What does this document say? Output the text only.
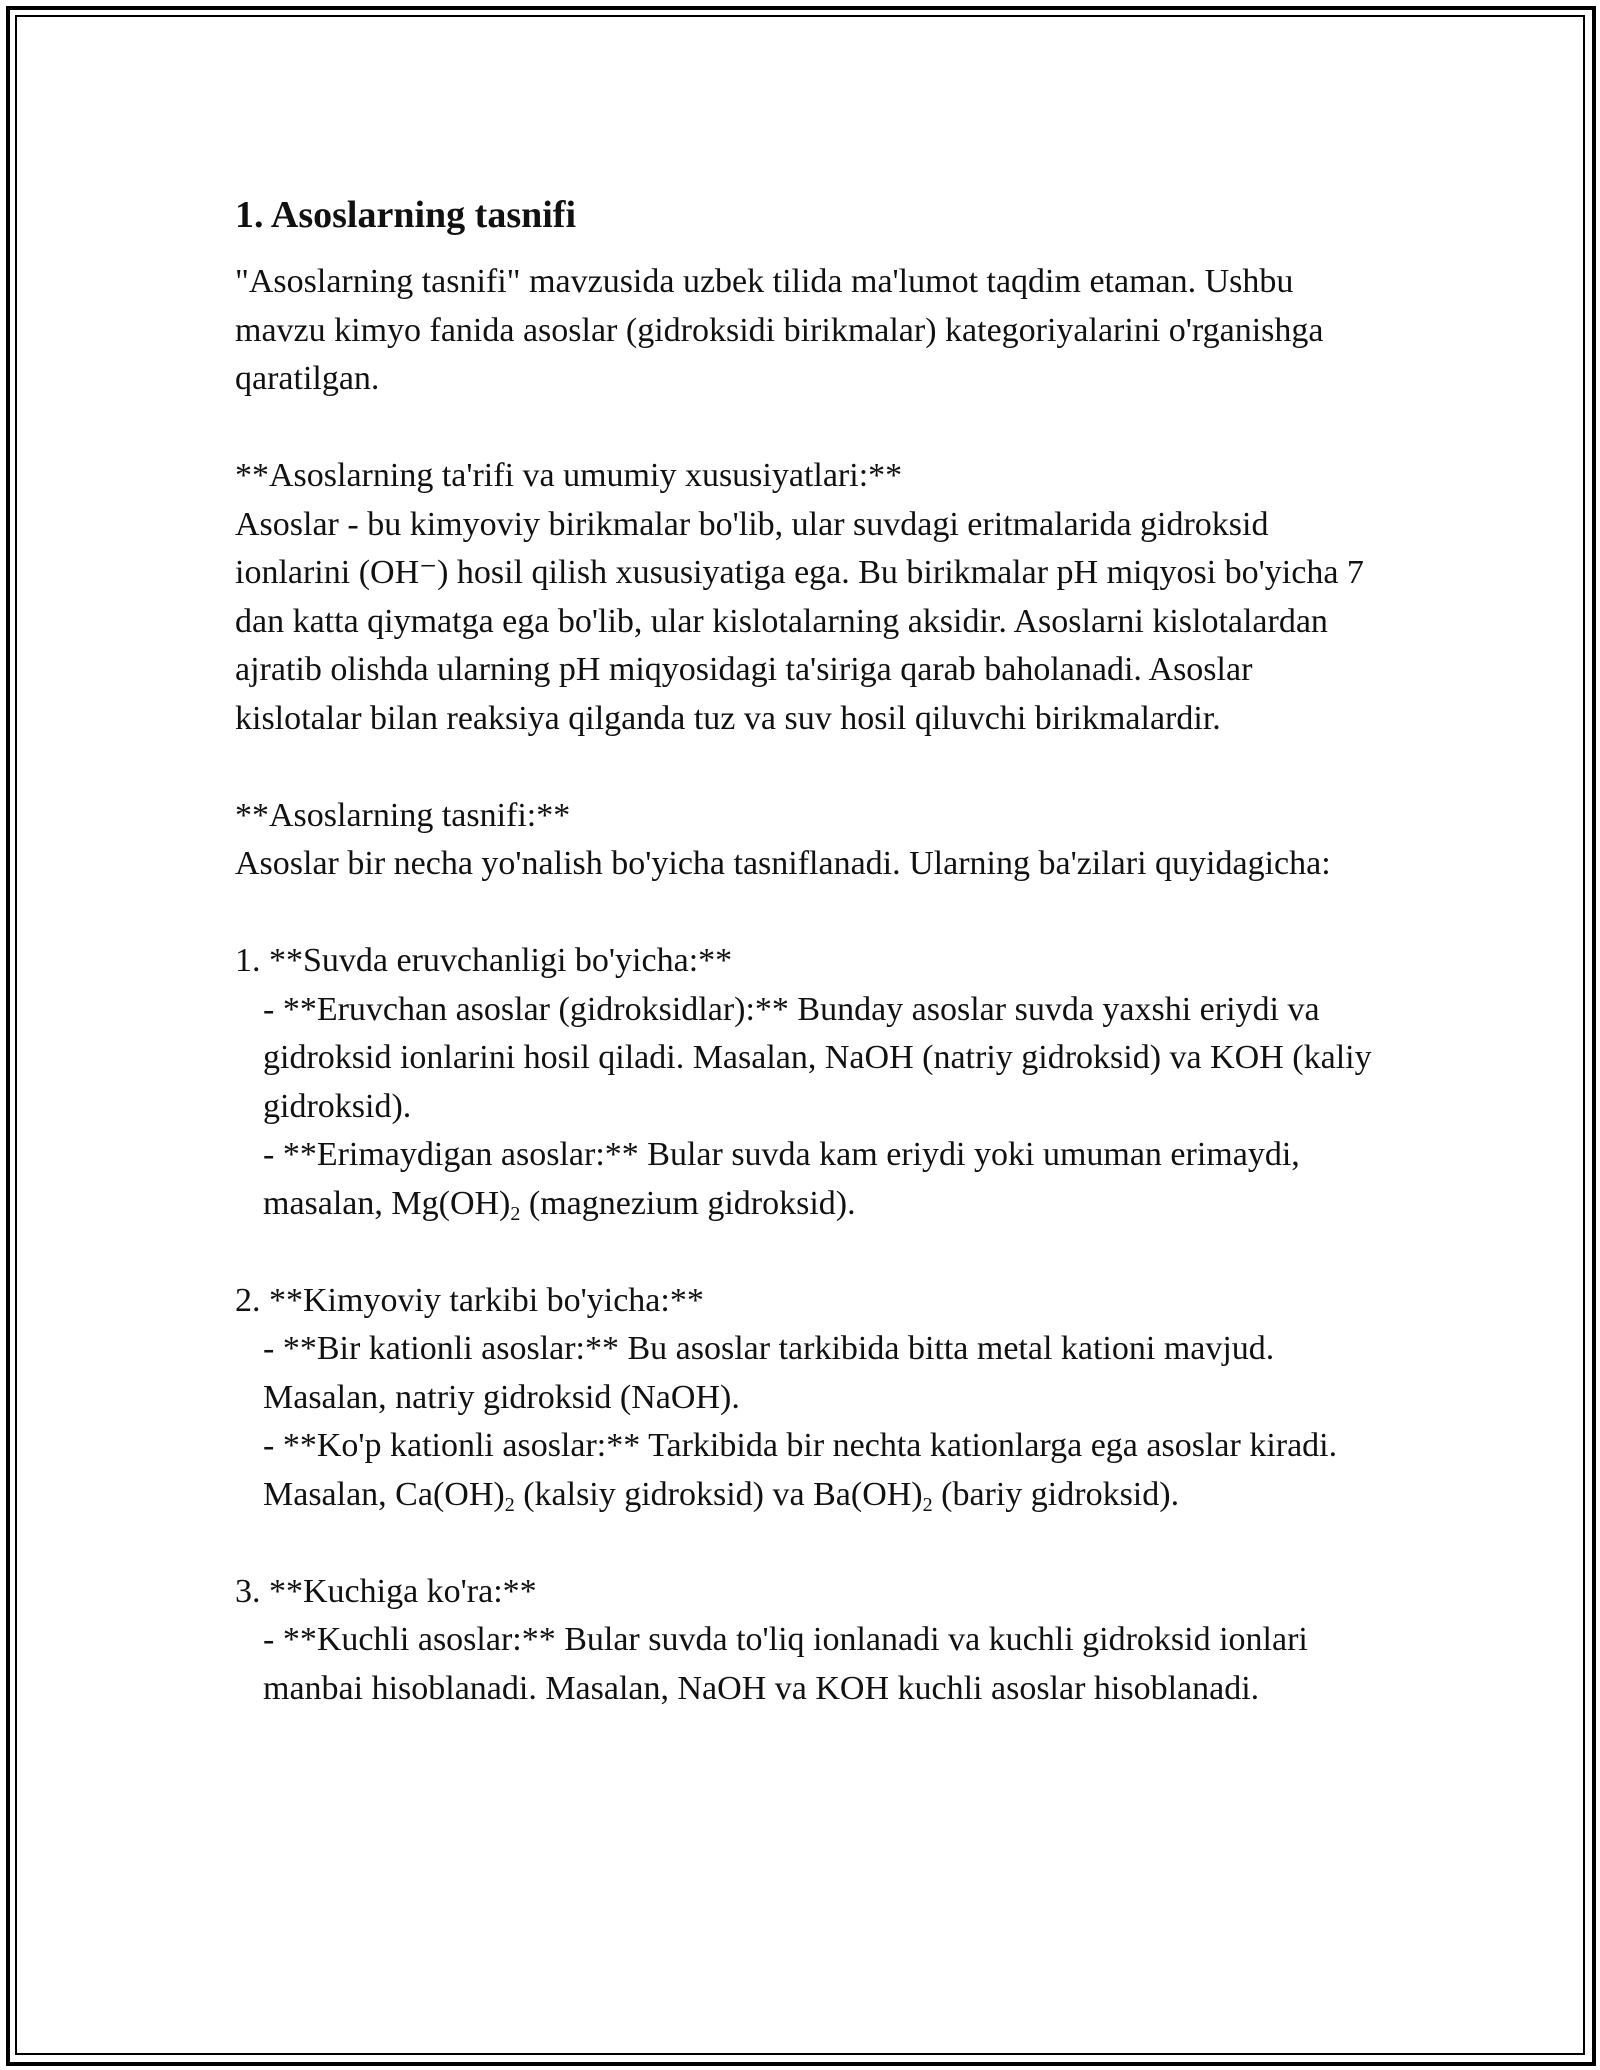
1. Asoslarning tasnifi
"Asoslarning tasnifi" mavzusida uzbek tilida ma'lumot taqdim etaman. Ushbu mavzu kimyo fanida asoslar (gidroksidi birikmalar) kategoriyalarini o'rganishga qaratilgan.
**Asoslarning ta'rifi va umumiy xususiyatlari:**
Asoslar - bu kimyoviy birikmalar bo'lib, ular suvdagi eritmalarida gidroksid ionlarini (OH⁻) hosil qilish xususiyatiga ega. Bu birikmalar pH miqyosi bo'yicha 7 dan katta qiymatga ega bo'lib, ular kislotalarning aksidir. Asoslarni kislotalardan ajratib olishda ularning pH miqyosidagi ta'siriga qarab baholanadi. Asoslar kislotalar bilan reaksiya qilganda tuz va suv hosil qiluvchi birikmalardir.
**Asoslarning tasnifi:**
Asoslar bir necha yo'nalish bo'yicha tasniflanadi. Ularning ba'zilari quyidagicha:
1. **Suvda eruvchanligi bo'yicha:**
- **Eruvchan asoslar (gidroksidlar):** Bunday asoslar suvda yaxshi eriydi va gidroksid ionlarini hosil qiladi. Masalan, NaOH (natriy gidroksid) va KOH (kaliy gidroksid).
- **Erimaydigan asoslar:** Bular suvda kam eriydi yoki umuman erimaydi, masalan, $Mg(OH)_2$ (magnezium gidroksid).
2. **Kimyoviy tarkibi bo'yicha:**
- **Bir kationli asoslar:** Bu asoslar tarkibida bitta metal kationi mavjud. Masalan, natriy gidroksid (NaOH).
- **Ko'p kationli asoslar:** Tarkibida bir nechta kationlarga ega asoslar kiradi. Masalan, $Ca(OH)_2$ (kalsiy gidroksid) va $Ba(OH)_2$ (bariy gidroksid).
3. **Kuchiga ko'ra:**
- **Kuchli asoslar:** Bular suvda to'liq ionlanadi va kuchli gidroksid ionlari manbai hisoblanadi. Masalan, NaOH va KOH kuchli asoslar hisoblanadi.
